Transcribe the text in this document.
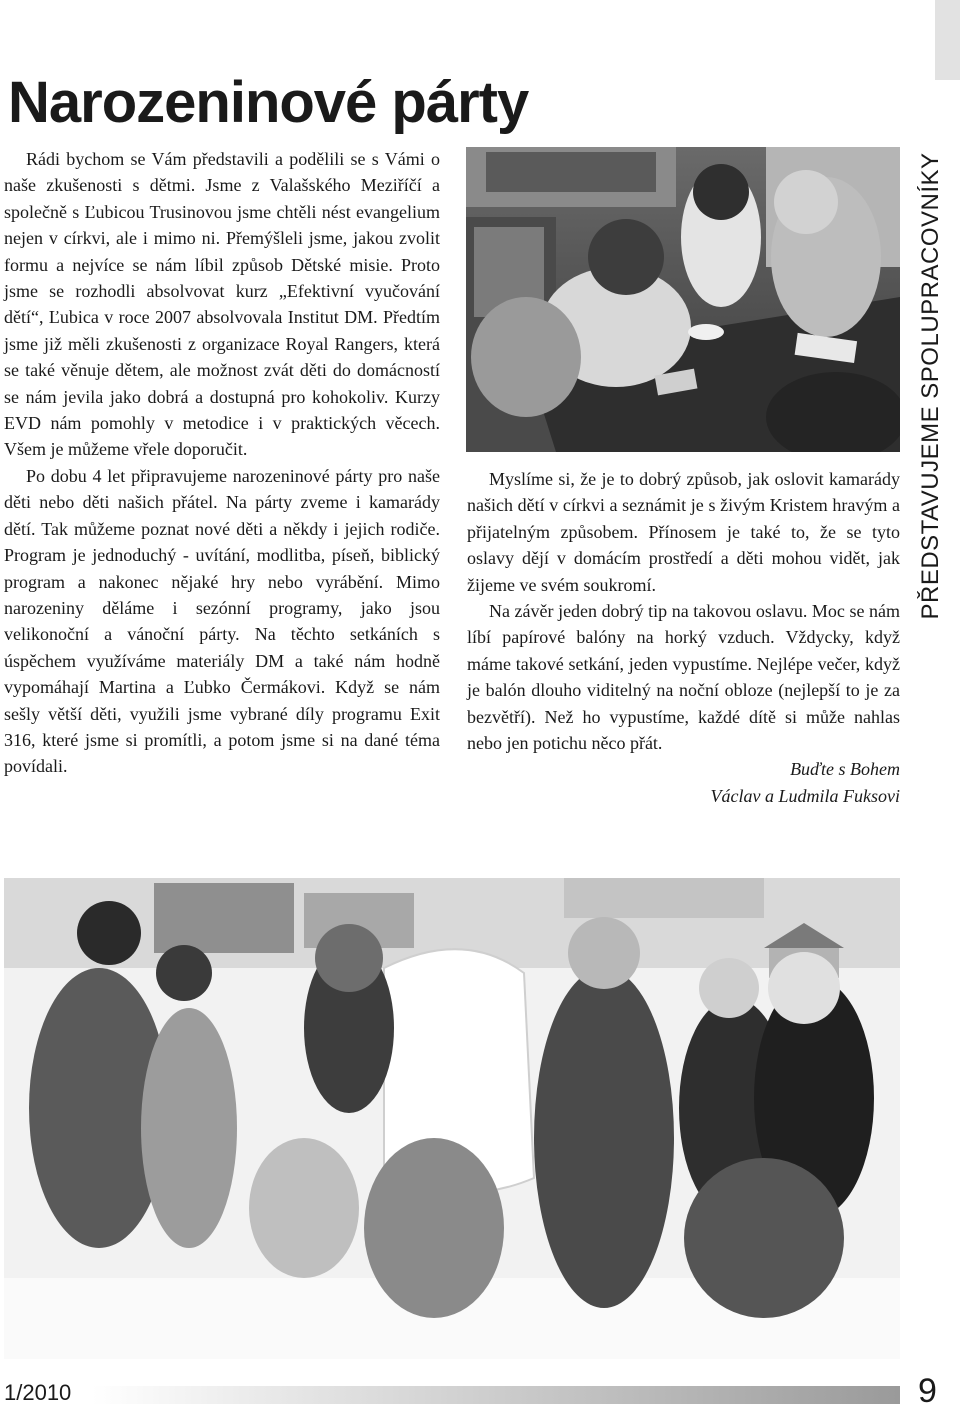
Narozeninové párty

Rádi bychom se Vám představili a podělili se s Vámi o naše zkušenosti s dětmi. Jsme z Valašského Meziříčí a společně s Ľubicou Trusinovou jsme chtěli nést evangelium nejen v církvi, ale i mimo ni. Přemýšleli jsme, jakou zvolit formu a nejvíce se nám líbil způsob Dětské misie. Proto jsme se rozhodli absolvovat kurz „Efektivní vyučování dětí“, Ľubica v roce 2007 absolvovala Institut DM. Předtím jsme již měli zkušenosti z organizace Royal Rangers, která se také věnuje dětem, ale možnost zvát děti do domácností se nám jevila jako dobrá a dostupná pro kohokoliv. Kurzy EVD nám pomohly v metodice i v praktických věcech. Všem je můžeme vřele doporučit.

Po dobu 4 let připravujeme narozeninové párty pro naše děti nebo děti našich přátel. Na párty zveme i kamarády dětí. Tak můžeme poznat nové děti a někdy i jejich rodiče. Program je jednoduchý - uvítání, modlitba, píseň, biblický program a nakonec nějaké hry nebo vyrábění. Mimo narozeniny děláme i sezónní programy, jako jsou velikonoční a vánoční párty. Na těchto setkáních s úspěchem využíváme materiály DM a také nám hodně vypomáhají Martina a Ľubko Čermákovi. Když se nám sešly větší děti, využili jsme vybrané díly programu Exit 316, které jsme si promítli, a potom jsme si na dané téma povídali.

PŘEDSTAVUJEME SPOLUPRACOVNÍKY

Myslíme si, že je to dobrý způsob, jak oslovit kamarády našich dětí v církvi a seznámit je s živým Kristem hravým a přijatelným způsobem. Přínosem je také to, že se tyto oslavy dějí v domácím prostředí a děti mohou vidět, jak žijeme ve svém soukromí.

Na závěr jeden dobrý tip na takovou oslavu. Moc se nám líbí papírové balóny na horký vzduch. Vždycky, když máme takové setkání, jeden vypustíme. Nejlépe večer, když je balón dlouho viditelný na noční obloze (nejlepší to je za bezvětří). Než ho vypustíme, každé dítě si může nahlas nebo jen potichu něco přát.

Buďte s Bohem
Václav a Ludmila Fuksovi
1/2010	9
